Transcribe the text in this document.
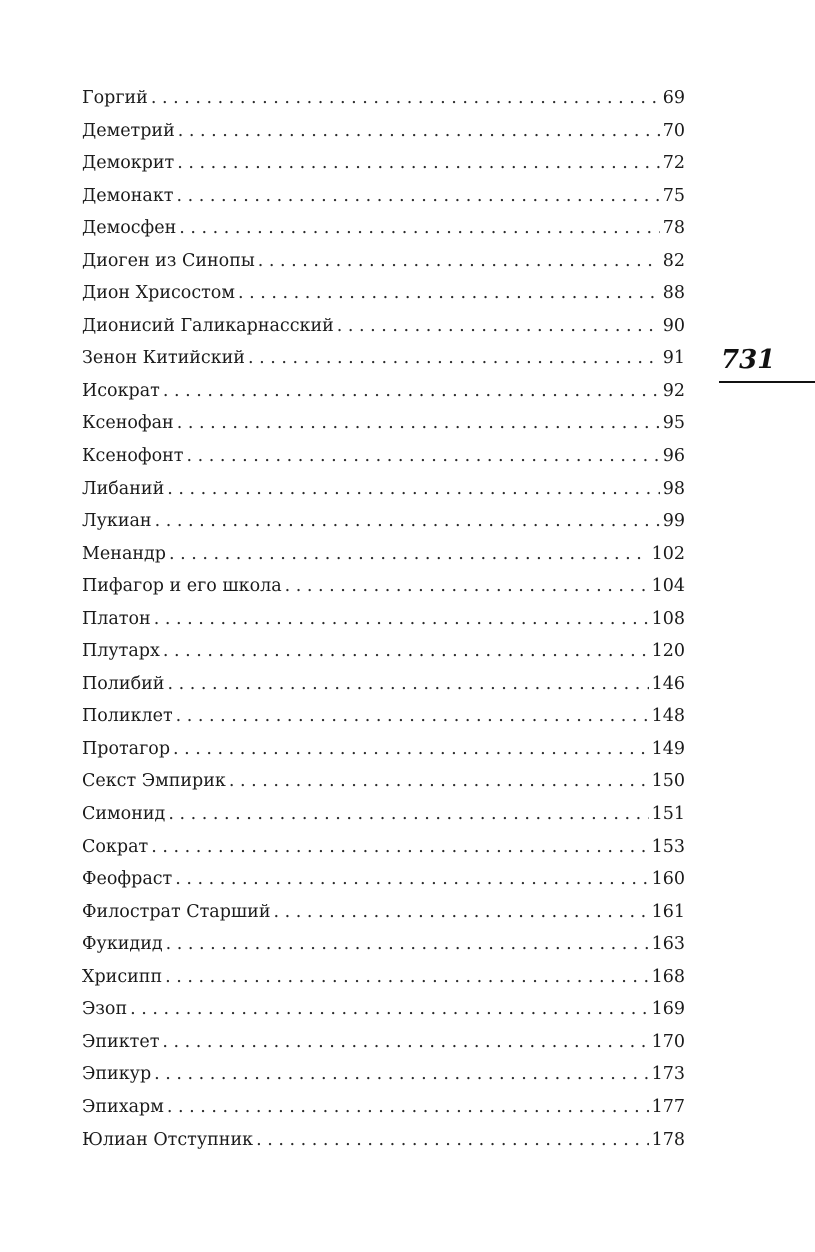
Горгий . . .	69
Деметрий . . .	70
Демокрит . . .	72
Демонакт . . .	75
Демосфен . . .	78
Диоген из Синопы . . .	82
Дион Хрисостом . . .	88
Дионисий Галикарнасский . . .	90
Зенон Китийский . . .	91
Исократ . . .	92
Ксенофан . . .	95
Ксенофонт . . .	96
Либаний . . .	98
Лукиан . . .	99
Менандр . . .	102
Пифагор и его школа . . .	104
Платон . . .	108
Плутарх . . .	120
Полибий . . .	146
Поликлет . . .	148
Протагор . . .	149
Секст Эмпирик . . .	150
Симонид . . .	151
Сократ . . .	153
Феофраст . . .	160
Филострат Старший . . .	161
Фукидид . . .	163
Хрисипп . . .	168
Эзоп . . .	169
Эпиктет . . .	170
Эпикур . . .	173
Эпихарм . . .	177
Юлиан Отступник . . .	178
731
